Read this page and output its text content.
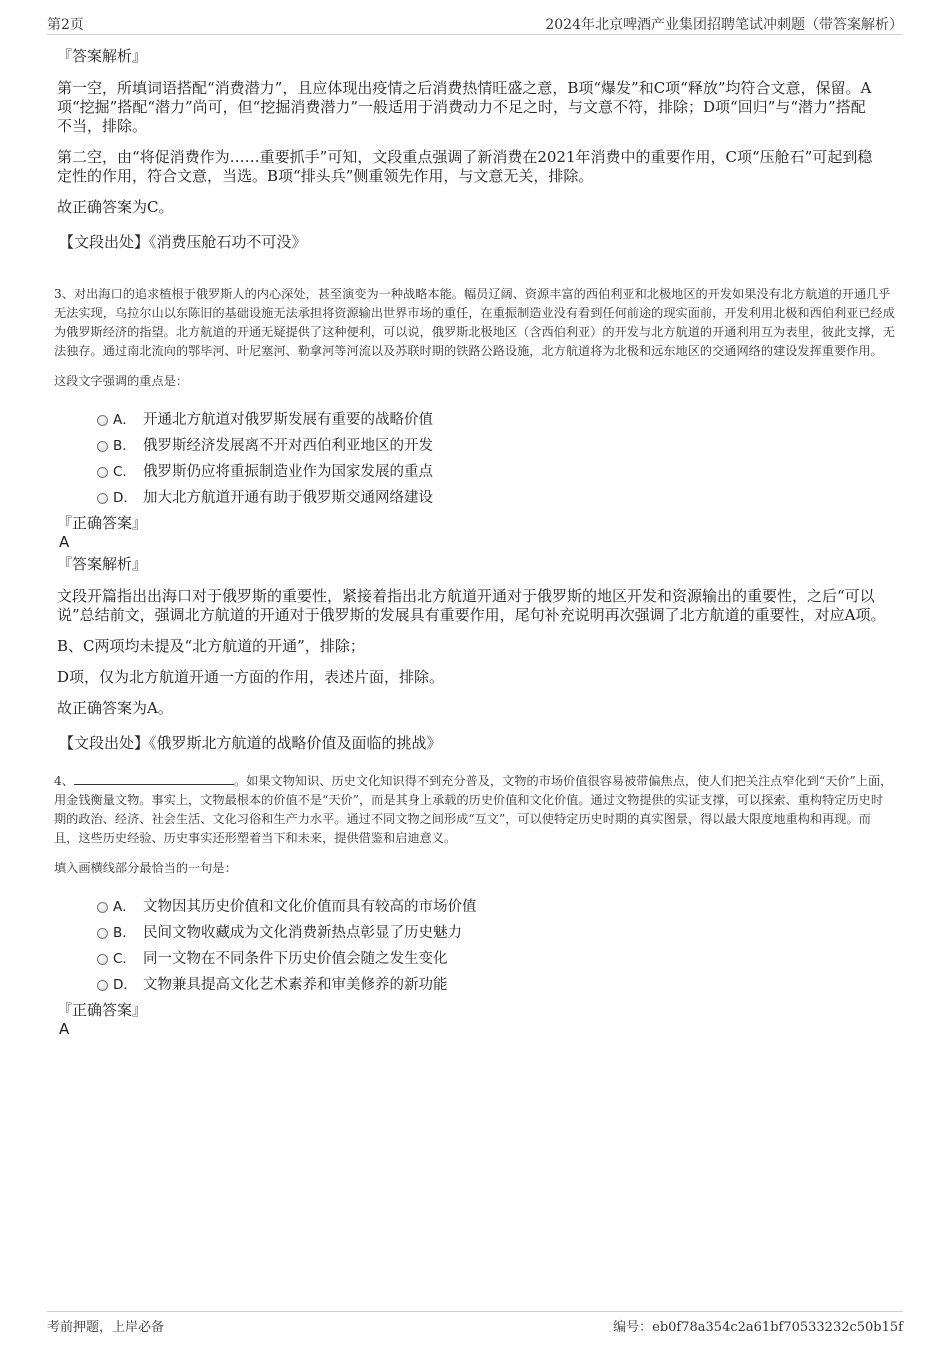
第2页	2024年北京啤酒产业集团招聘笔试冲刺题（带答案解析）

『答案解析』

第一空，所填词语搭配“消费潜力”，且应体现出疫情之后消费热情旺盛之意，B项“爆发”和C项“释放”均符合文意，保留。A项“挖掘”搭配“潜力”尚可，但“挖掘消费潜力”一般适用于消费动力不足之时，与文意不符，排除；D项“回归”与“潜力”搭配不当，排除。

第二空，由“将促消费作为……重要抓手”可知，文段重点强调了新消费在2021年消费中的重要作用，C项“压舱石”可起到稳定性的作用，符合文意，当选。B项“排头兵”侧重领先作用，与文意无关，排除。

故正确答案为C。

【文段出处】《消费压舱石功不可没》

3、对出海口的追求植根于俄罗斯人的内心深处，甚至演变为一种战略本能。幅员辽阔、资源丰富的西伯利亚和北极地区的开发如果没有北方航道的开通几乎无法实现，乌拉尔山以东陈旧的基础设施无法承担将资源输出世界市场的重任，在重振制造业没有看到任何前途的现实面前，开发利用北极和西伯利亚已经成为俄罗斯经济的指望。北方航道的开通无疑提供了这种便利，可以说，俄罗斯北极地区（含西伯利亚）的开发与北方航道的开通利用互为表里，彼此支撑，无法独存。通过南北流向的鄂毕河、叶尼塞河、勒拿河等河流以及苏联时期的铁路公路设施，北方航道将为北极和远东地区的交通网络的建设发挥重要作用。

这段文字强调的重点是：

A． 开通北方航道对俄罗斯发展有重要的战略价值
B． 俄罗斯经济发展离不开对西伯利亚地区的开发
C． 俄罗斯仍应将重振制造业作为国家发展的重点
D． 加大北方航道开通有助于俄罗斯交通网络建设

『正确答案』

A

『答案解析』

文段开篇指出出海口对于俄罗斯的重要性，紧接着指出北方航道开通对于俄罗斯的地区开发和资源输出的重要性，之后“可以说”总结前文，强调北方航道的开通对于俄罗斯的发展具有重要作用，尾句补充说明再次强调了北方航道的重要性，对应A项。

B、C两项均未提及“北方航道的开通”，排除；

D项，仅为北方航道开通一方面的作用，表述片面，排除。

故正确答案为A。

【文段出处】《俄罗斯北方航道的战略价值及面临的挑战》

4、	。如果文物知识、历史文化知识得不到充分普及，文物的市场价值很容易被带偏焦点，使人们把关注点窄化到“天价”上面，用金钱衡量文物。事实上，文物最根本的价值不是“天价”，而是其身上承载的历史价值和文化价值。通过文物提供的实证支撑，可以探索、重构特定历史时期的政治、经济、社会生活、文化习俗和生产力水平。通过不同文物之间形成“互文”，可以使特定历史时期的真实图景，得以最大限度地重构和再现。而且，这些历史经验、历史事实还形塑着当下和未来，提供借鉴和启迪意义。

填入画横线部分最恰当的一句是：

A． 文物因其历史价值和文化价值而具有较高的市场价值
B． 民间文物收藏成为文化消费新热点彰显了历史魅力
C． 同一文物在不同条件下历史价值会随之发生变化
D． 文物兼具提高文化艺术素养和审美修养的新功能

『正确答案』

A

考前押题，上岸必备	编号：eb0f78a354c2a61bf70533232c50b15f
